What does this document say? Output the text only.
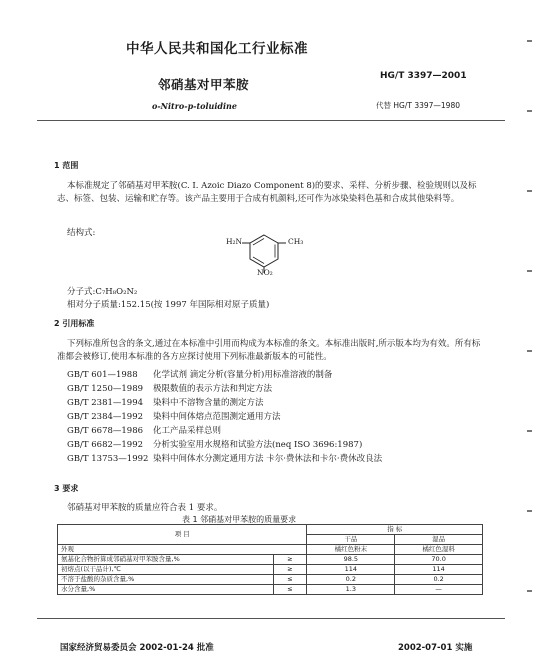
中华人民共和国化工行业标准
HG/T 3397—2001
邻硝基对甲苯胺
o-Nitro-p-toluidine	代替 HG/T 3397—1980
1 范围
本标准规定了邻硝基对甲苯胺(C. I. Azoic Diazo Component 8)的要求、采样、分析步骤、检验规则以及标志、标签、包装、运输和贮存等。该产品主要用于合成有机颜料,还可作为冰染染料色基和合成其他染料等。
结构式:
H₂N	CH₃
NO₂
分子式:C₇H₈O₂N₂
相对分子质量:152.15(按 1997 年国际相对原子质量)
2 引用标准
下列标准所包含的条文,通过在本标准中引用而构成为本标准的条文。本标准出版时,所示版本均为有效。所有标准都会被修订,使用本标准的各方应探讨使用下列标准最新版本的可能性。
GB/T 601—1988 化学试剂 滴定分析(容量分析)用标准溶液的制备
GB/T 1250—1989 极限数值的表示方法和判定方法
GB/T 2381—1994 染料中不溶物含量的测定方法
GB/T 2384—1992 染料中间体熔点范围测定通用方法
GB/T 6678—1986 化工产品采样总则
GB/T 6682—1992 分析实验室用水规格和试验方法(neq ISO 3696:1987)
GB/T 13753—1992 染料中间体水分测定通用方法 卡尔·费休法和卡尔·费休改良法
3 要求
邻硝基对甲苯胺的质量应符合表 1 要求。
表 1 邻硝基对甲苯胺的质量要求
项 目		指 标	
		干品	湿品
外观		橘红色粉末	橘红色湿料
氨基化合物折算成邻硝基对甲苯胺含量,%	≥	98.5	70.0
初熔点(以干品计),℃	≥	114	114
不溶于盐酸的杂质含量,%	≤	0.2	0.2
水分含量,%	≤	1.3	—
国家经济贸易委员会 2002-01-24 批准	2002-07-01 实施
